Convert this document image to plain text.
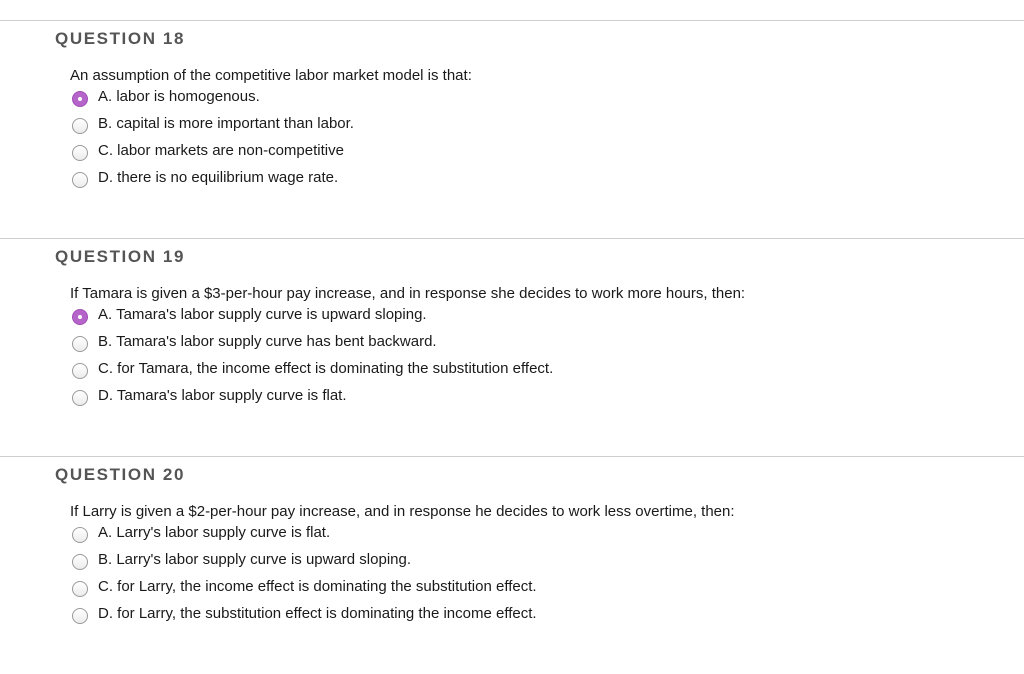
QUESTION 18
An assumption of the competitive labor market model is that:
A. labor is homogenous.
B. capital is more important than labor.
C. labor markets are non-competitive
D. there is no equilibrium wage rate.
QUESTION 19
If Tamara is given a $3-per-hour pay increase, and in response she decides to work more hours, then:
A. Tamara's labor supply curve is upward sloping.
B. Tamara's labor supply curve has bent backward.
C. for Tamara, the income effect is dominating the substitution effect.
D. Tamara's labor supply curve is flat.
QUESTION 20
If Larry is given a $2-per-hour pay increase, and in response he decides to work less overtime, then:
A. Larry's labor supply curve is flat.
B. Larry's labor supply curve is upward sloping.
C. for Larry, the income effect is dominating the substitution effect.
D. for Larry, the substitution effect is dominating the income effect.
